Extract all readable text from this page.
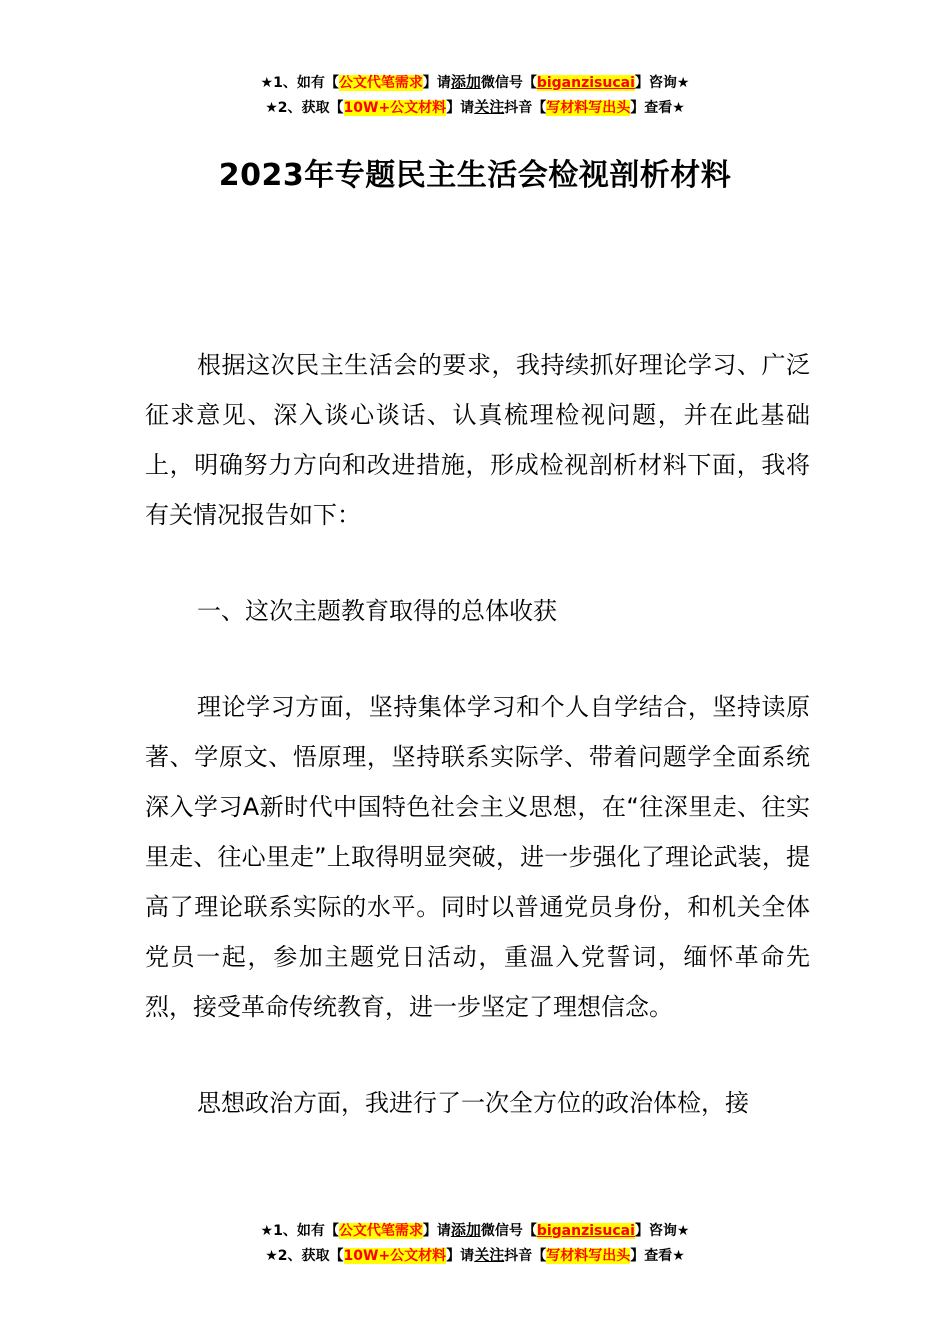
★1、如有【公文代笔需求】请添加微信号【biganzisucai】咨询★
★2、获取【10W+公文材料】请关注抖音【写材料写出头】查看★
2023年专题民主生活会检视剖析材料

根据这次民主生活会的要求，我持续抓好理论学习、广泛征求意见、深入谈心谈话、认真梳理检视问题，并在此基础上，明确努力方向和改进措施，形成检视剖析材料下面，我将有关情况报告如下：

一、这次主题教育取得的总体收获

理论学习方面，坚持集体学习和个人自学结合，坚持读原著、学原文、悟原理，坚持联系实际学、带着问题学全面系统深入学习A新时代中国特色社会主义思想，在“往深里走、往实里走、往心里走”上取得明显突破，进一步强化了理论武装，提高了理论联系实际的水平。同时以普通党员身份，和机关全体党员一起，参加主题党日活动，重温入党誓词，缅怀革命先烈，接受革命传统教育，进一步坚定了理想信念。

思想政治方面，我进行了一次全方位的政治体检，接

★1、如有【公文代笔需求】请添加微信号【biganzisucai】咨询★
★2、获取【10W+公文材料】请关注抖音【写材料写出头】查看★
